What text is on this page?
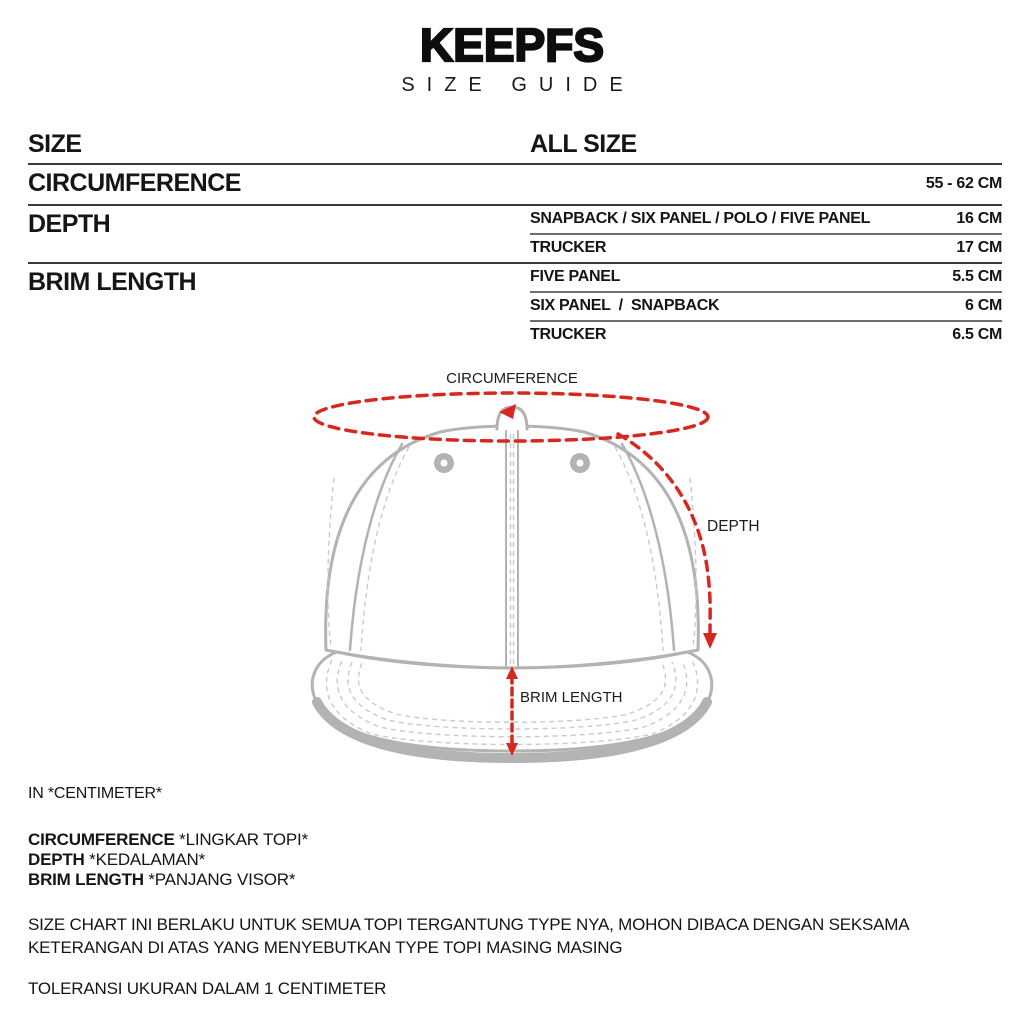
KEEPFS
SIZE GUIDE
SIZE	ALL SIZE
CIRCUMFERENCE	55 - 62 CM
DEPTH	SNAPBACK / SIX PANEL / POLO / FIVE PANEL	16 CM
TRUCKER	17 CM
BRIM LENGTH	FIVE PANEL	5.5 CM
SIX PANEL  /  SNAPBACK	6 CM
TRUCKER	6.5 CM
CIRCUMFERENCE
DEPTH
BRIM LENGTH
IN *CENTIMETER*
CIRCUMFERENCE *LINGKAR TOPI*
DEPTH *KEDALAMAN*
BRIM LENGTH *PANJANG VISOR*
SIZE CHART INI BERLAKU UNTUK SEMUA TOPI TERGANTUNG TYPE NYA, MOHON DIBACA DENGAN SEKSAMA
KETERANGAN DI ATAS YANG MENYEBUTKAN TYPE TOPI MASING MASING
TOLERANSI UKURAN DALAM 1 CENTIMETER
